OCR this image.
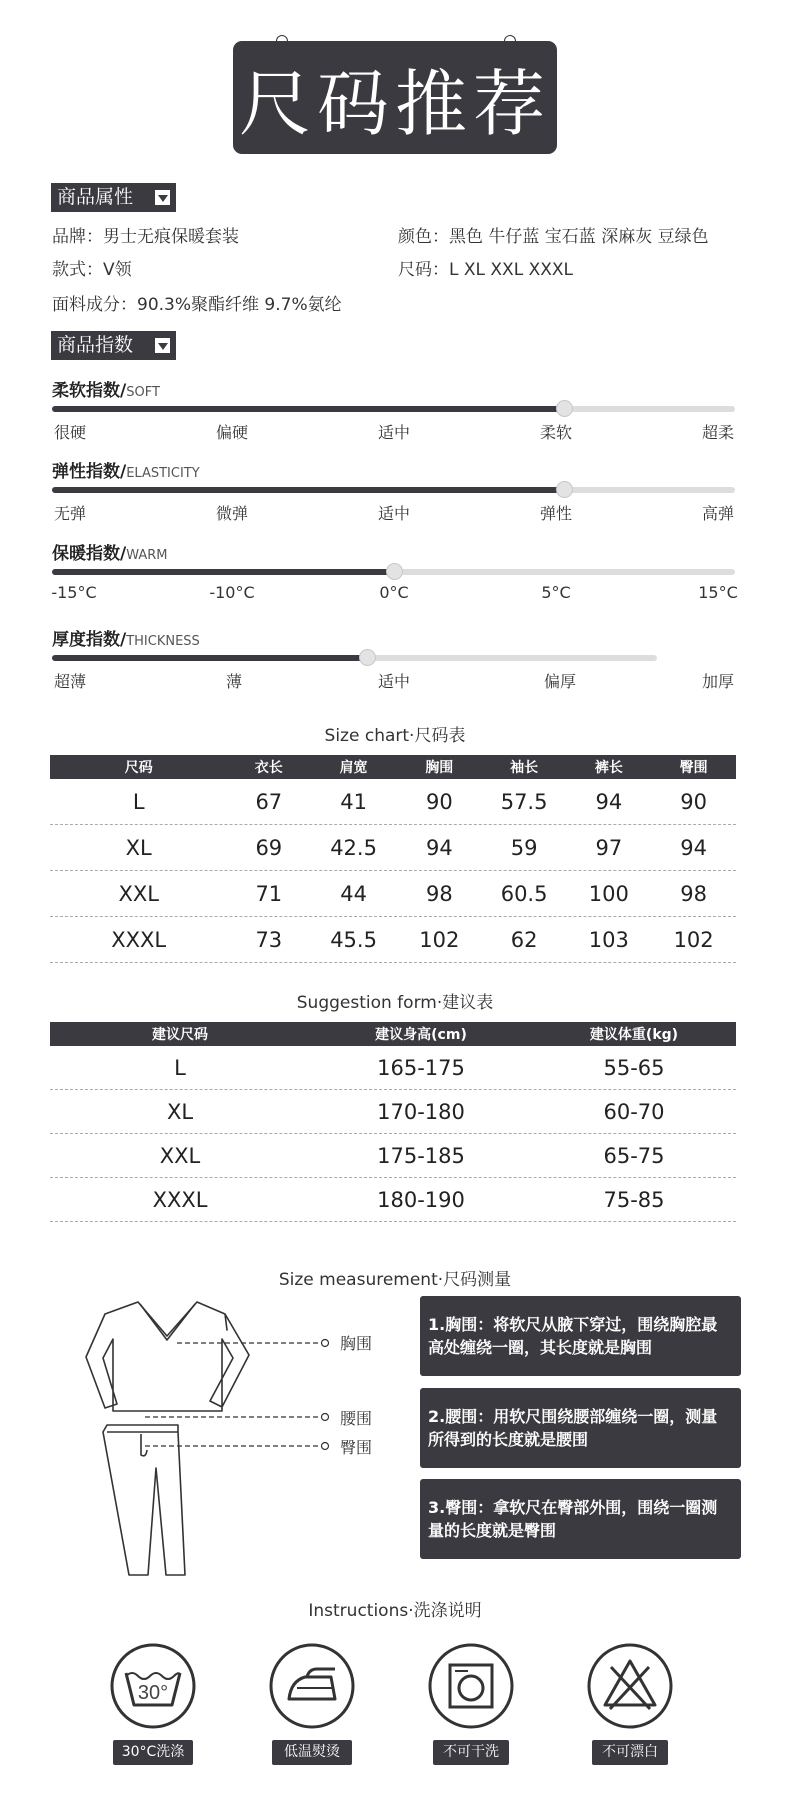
尺码推荐
商品属性
品牌：男士无痕保暖套装	颜色：黑色 牛仔蓝 宝石蓝 深麻灰 豆绿色
款式：V领	尺码：L XL XXL XXXL
面料成分：90.3%聚酯纤维 9.7%氨纶
商品指数
柔软指数/SOFT
很硬	偏硬	适中	柔软	超柔
弹性指数/ELASTICITY
无弹	微弹	适中	弹性	高弹
保暖指数/WARM
-15°C	-10°C	0°C	5°C	15°C
厚度指数/THICKNESS
超薄	薄	适中	偏厚	加厚
Size chart·尺码表
尺码	衣长	肩宽	胸围	袖长	裤长	臀围
L	67	41	90	57.5	94	90
XL	69	42.5	94	59	97	94
XXL	71	44	98	60.5	100	98
XXXL	73	45.5	102	62	103	102
Suggestion form·建议表
建议尺码	建议身高(cm)	建议体重(kg)
L	165-175	55-65
XL	170-180	60-70
XXL	175-185	65-75
XXXL	180-190	75-85
Size measurement·尺码测量
胸围
腰围
臀围
1.胸围：将软尺从腋下穿过，围绕胸腔最高处缠绕一圈，其长度就是胸围
2.腰围：用软尺围绕腰部缠绕一圈，测量所得到的长度就是腰围
3.臀围：拿软尺在臀部外围，围绕一圈测量的长度就是臀围
Instructions·洗涤说明
30°
30°C洗涤	低温熨烫	不可干洗	不可漂白
